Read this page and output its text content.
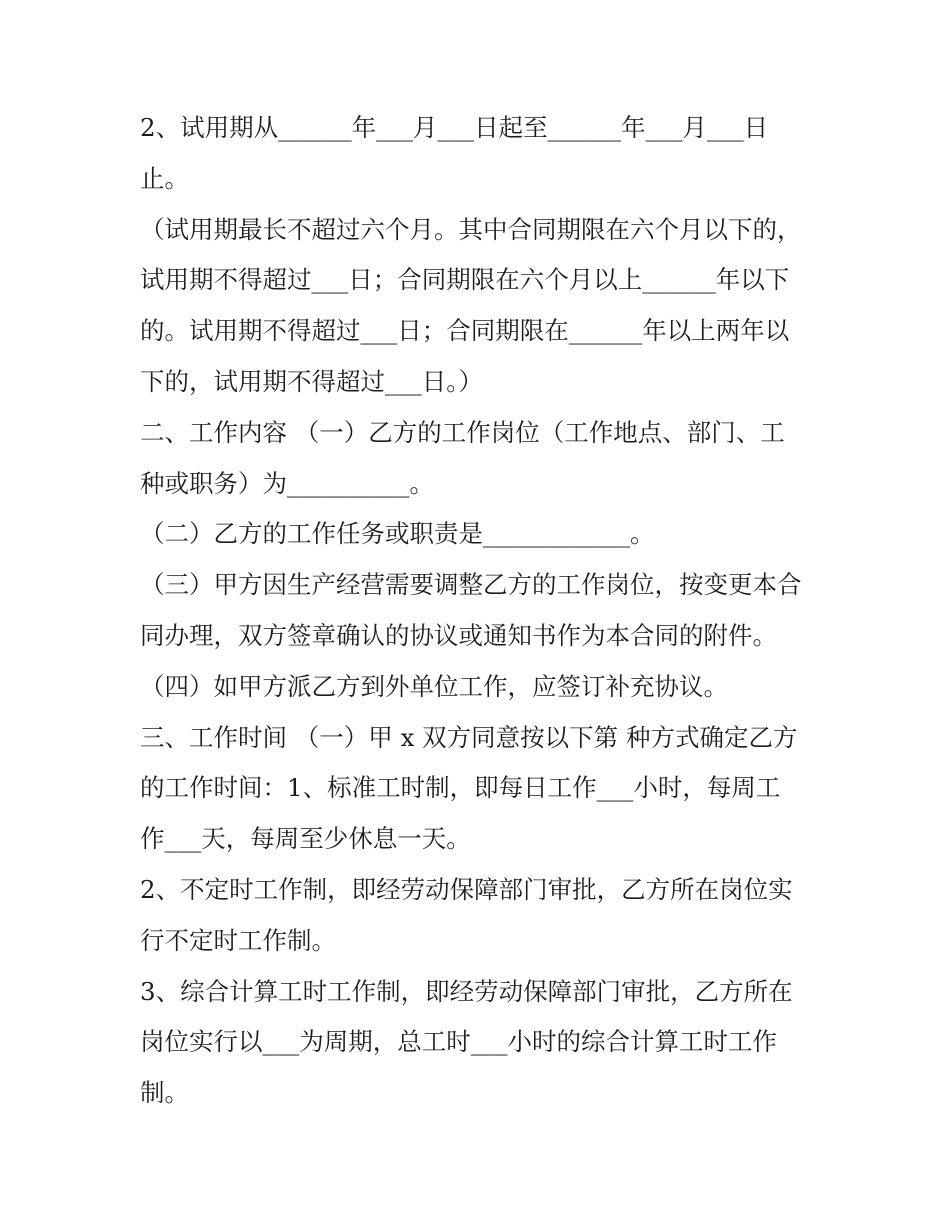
2、试用期从______年___月___日起至______年___月___日
止。
（试用期最长不超过六个月。其中合同期限在六个月以下的，
试用期不得超过___日；合同期限在六个月以上______年以下
的。试用期不得超过___日；合同期限在______年以上两年以
下的，试用期不得超过___日。）
二、工作内容 （一）乙方的工作岗位（工作地点、部门、工
种或职务）为__________。
（二）乙方的工作任务或职责是____________。
（三）甲方因生产经营需要调整乙方的工作岗位，按变更本合
同办理，双方签章确认的协议或通知书作为本合同的附件。
（四）如甲方派乙方到外单位工作，应签订补充协议。
三、工作时间 （一）甲 x 双方同意按以下第 种方式确定乙方
的工作时间：1、标准工时制，即每日工作___小时，每周工
作___天，每周至少休息一天。
2、不定时工作制，即经劳动保障部门审批，乙方所在岗位实
行不定时工作制。
3、综合计算工时工作制，即经劳动保障部门审批，乙方所在
岗位实行以___为周期，总工时___小时的综合计算工时工作
制。
